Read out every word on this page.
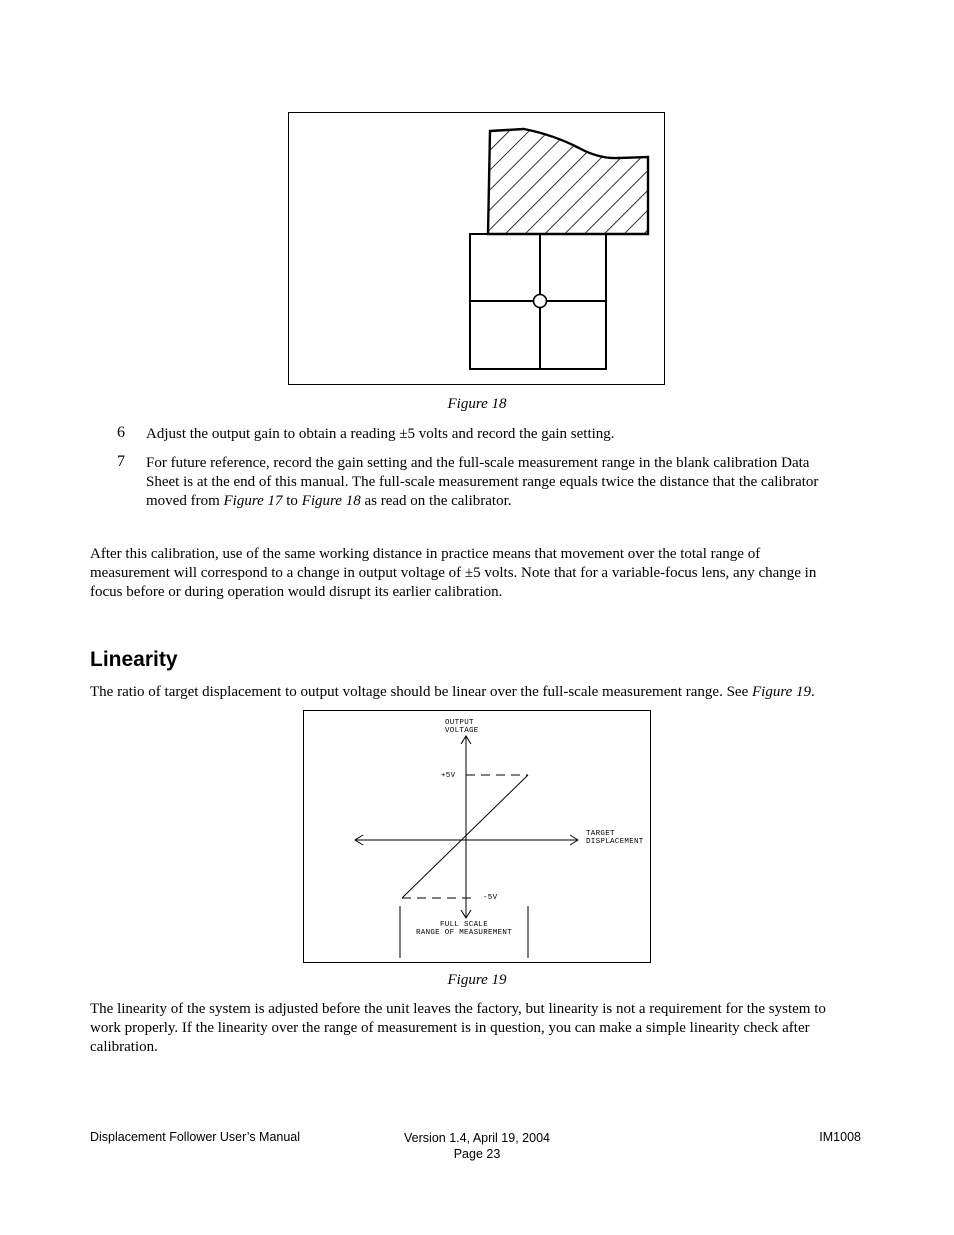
Figure 18
6 Adjust the output gain to obtain a reading ±5 volts and record the gain setting.
7 For future reference, record the gain setting and the full-scale measurement range in the blank calibration Data
Sheet is at the end of this manual. The full-scale measurement range equals twice the distance that the calibrator
moved from Figure 17 to Figure 18 as read on the calibrator.
After this calibration, use of the same working distance in practice means that movement over the total range of
measurement will correspond to a change in output voltage of ±5 volts. Note that for a variable-focus lens, any change in
focus before or during operation would disrupt its earlier calibration.
Linearity
The ratio of target displacement to output voltage should be linear over the full-scale measurement range. See Figure 19.
OUTPUT
VOLTAGE
+5V
-5V
TARGET
DISPLACEMENT
FULL SCALE
RANGE OF MEASUREMENT
Figure 19
The linearity of the system is adjusted before the unit leaves the factory, but linearity is not a requirement for the system to
work properly. If the linearity over the range of measurement is in question, you can make a simple linearity check after
calibration.
Displacement Follower User’s Manual	Version 1.4, April 19, 2004
Page 23
IM1008
